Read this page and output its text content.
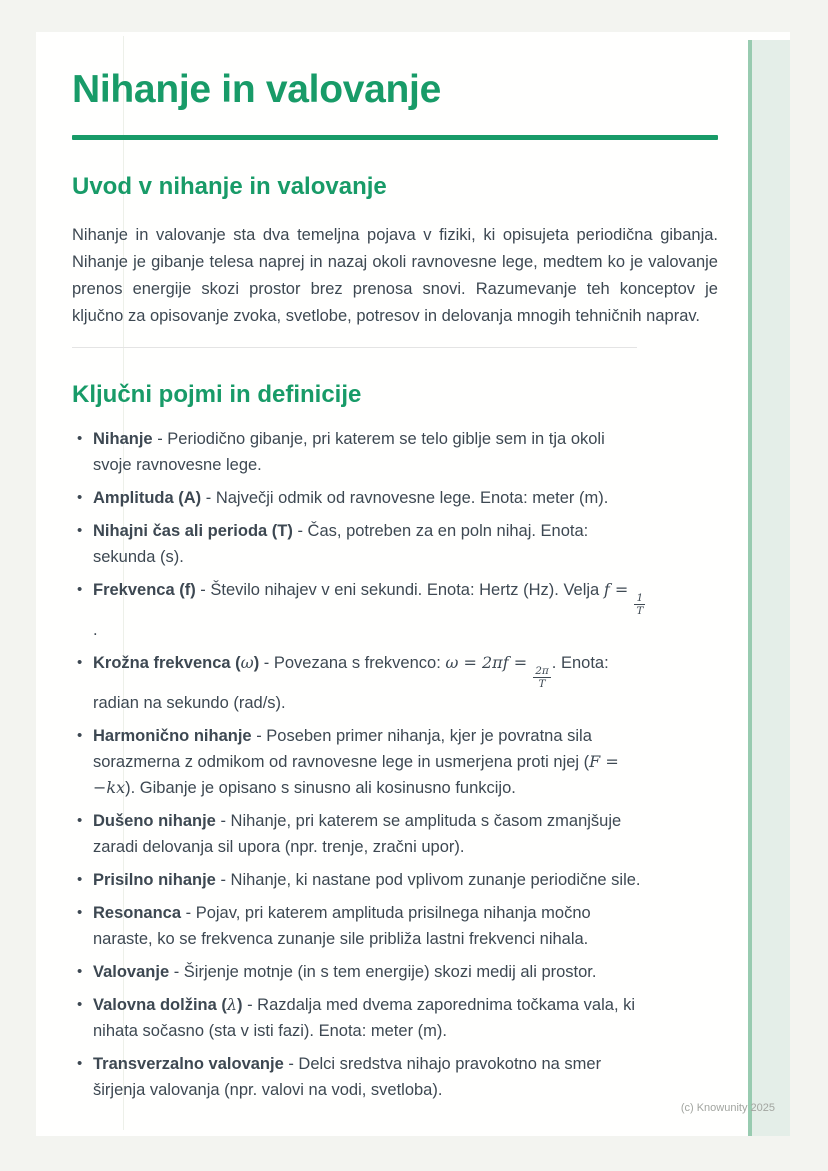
Nihanje in valovanje
Uvod v nihanje in valovanje

Nihanje in valovanje sta dva temeljna pojava v fiziki, ki opisujeta periodična gibanja. Nihanje je gibanje telesa naprej in nazaj okoli ravnovesne lege, medtem ko je valovanje prenos energije skozi prostor brez prenosa snovi. Razumevanje teh konceptov je ključno za opisovanje zvoka, svetlobe, potresov in delovanja mnogih tehničnih naprav.

Ključni pojmi in definicije
• Nihanje - Periodično gibanje, pri katerem se telo giblje sem in tja okoli svoje ravnovesne lege.
• Amplituda (A) - Največji odmik od ravnovesne lege. Enota: meter (m).
• Nihajni čas ali perioda (T) - Čas, potreben za en poln nihaj. Enota: sekunda (s).
• Frekvenca (f) - Število nihajev v eni sekundi. Enota: Hertz (Hz). Velja f =
$\frac{1}{T}$
.
• Krožna frekvenca (ω) - Povezana s frekvenco: ω = 2πf =
$\frac{2\pi}{T}$
. Enota: radian na sekundo (rad/s).
• Harmonično nihanje - Poseben primer nihanja, kjer je povratna sila sorazmerna z odmikom od ravnovesne lege in usmerjena proti njej (F = −kx). Gibanje je opisano s sinusno ali kosinusno funkcijo.
• Dušeno nihanje - Nihanje, pri katerem se amplituda s časom zmanjšuje zaradi delovanja sil upora (npr. trenje, zračni upor).
• Prisilno nihanje - Nihanje, ki nastane pod vplivom zunanje periodične sile.
• Resonanca - Pojav, pri katerem amplituda prisilnega nihanja močno naraste, ko se frekvenca zunanje sile približa lastni frekvenci nihala.
• Valovanje - Širjenje motnje (in s tem energije) skozi medij ali prostor.
• Valovna dolžina (λ) - Razdalja med dvema zaporednima točkama vala, ki nihata sočasno (sta v isti fazi). Enota: meter (m).
• Transverzalno valovanje - Delci sredstva nihajo pravokotno na smer širjenja valovanja (npr. valovi na vodi, svetloba).
(c) Knowunity 2025
